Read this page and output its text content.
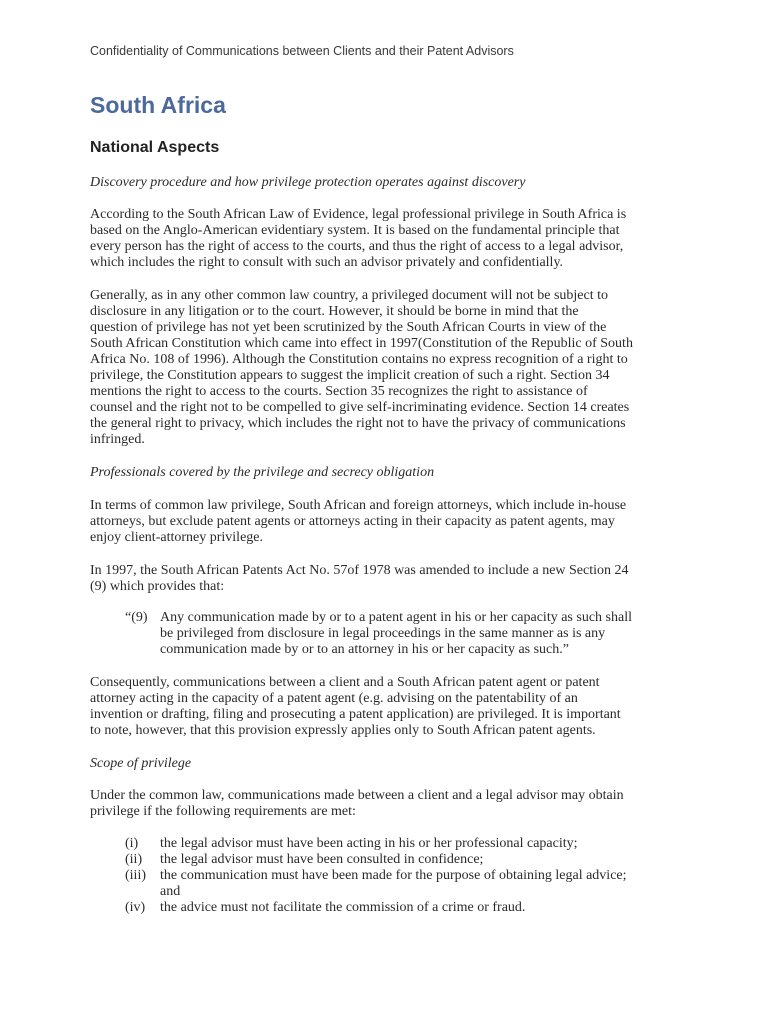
Confidentiality of Communications between Clients and their Patent Advisors
South Africa
National Aspects

Discovery procedure and how privilege protection operates against discovery

According to the South African Law of Evidence, legal professional privilege in South Africa is
based on the Anglo-American evidentiary system. It is based on the fundamental principle that
every person has the right of access to the courts, and thus the right of access to a legal advisor,
which includes the right to consult with such an advisor privately and confidentially.

Generally, as in any other common law country, a privileged document will not be subject to
disclosure in any litigation or to the court. However, it should be borne in mind that the
question of privilege has not yet been scrutinized by the South African Courts in view of the
South African Constitution which came into effect in 1997(Constitution of the Republic of South
Africa No. 108 of 1996). Although the Constitution contains no express recognition of a right to
privilege, the Constitution appears to suggest the implicit creation of such a right. Section 34
mentions the right to access to the courts. Section 35 recognizes the right to assistance of
counsel and the right not to be compelled to give self-incriminating evidence. Section 14 creates
the general right to privacy, which includes the right not to have the privacy of communications
infringed.

Professionals covered by the privilege and secrecy obligation

In terms of common law privilege, South African and foreign attorneys, which include in-house
attorneys, but exclude patent agents or attorneys acting in their capacity as patent agents, may
enjoy client-attorney privilege.

In 1997, the South African Patents Act No. 57of 1978 was amended to include a new Section 24
(9) which provides that:

“(9) Any communication made by or to a patent agent in his or her capacity as such shall
be privileged from disclosure in legal proceedings in the same manner as is any
communication made by or to an attorney in his or her capacity as such.”

Consequently, communications between a client and a South African patent agent or patent
attorney acting in the capacity of a patent agent (e.g. advising on the patentability of an
invention or drafting, filing and prosecuting a patent application) are privileged. It is important
to note, however, that this provision expressly applies only to South African patent agents.

Scope of privilege

Under the common law, communications made between a client and a legal advisor may obtain
privilege if the following requirements are met:

(i)	the legal advisor must have been acting in his or her professional capacity;
(ii)	the legal advisor must have been consulted in confidence;
(iii)	the communication must have been made for the purpose of obtaining legal advice;
and
(iv)	the advice must not facilitate the commission of a crime or fraud.
